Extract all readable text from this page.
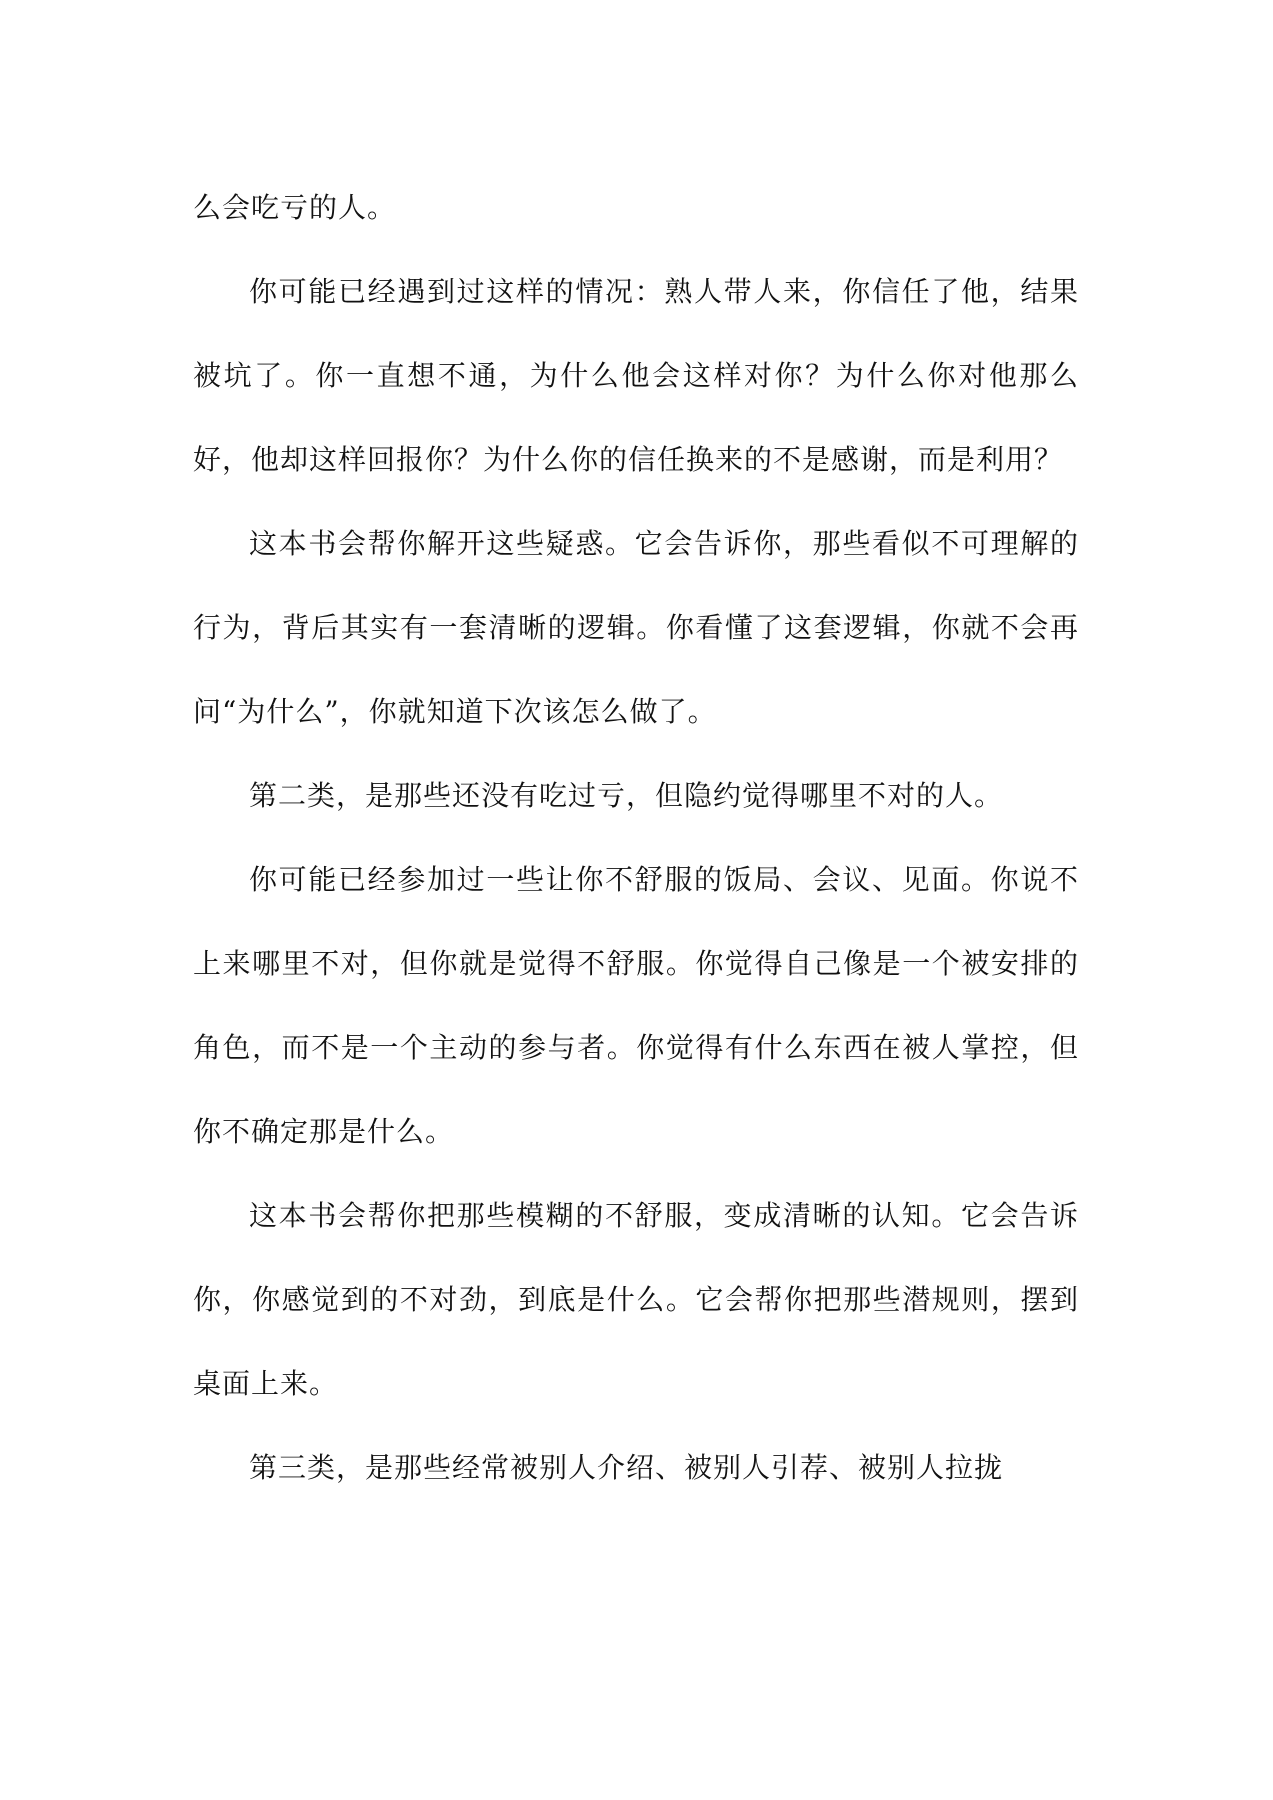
么会吃亏的人。

你可能已经遇到过这样的情况：熟人带人来，你信任了他，结果被坑了。你一直想不通，为什么他会这样对你？为什么你对他那么好，他却这样回报你？为什么你的信任换来的不是感谢，而是利用？

这本书会帮你解开这些疑惑。它会告诉你，那些看似不可理解的行为，背后其实有一套清晰的逻辑。你看懂了这套逻辑，你就不会再问“为什么”，你就知道下次该怎么做了。

第二类，是那些还没有吃过亏，但隐约觉得哪里不对的人。

你可能已经参加过一些让你不舒服的饭局、会议、见面。你说不上来哪里不对，但你就是觉得不舒服。你觉得自己像是一个被安排的角色，而不是一个主动的参与者。你觉得有什么东西在被人掌控，但你不确定那是什么。

这本书会帮你把那些模糊的不舒服，变成清晰的认知。它会告诉你，你感觉到的不对劲，到底是什么。它会帮你把那些潜规则，摆到桌面上来。

第三类，是那些经常被别人介绍、被别人引荐、被别人拉拢
